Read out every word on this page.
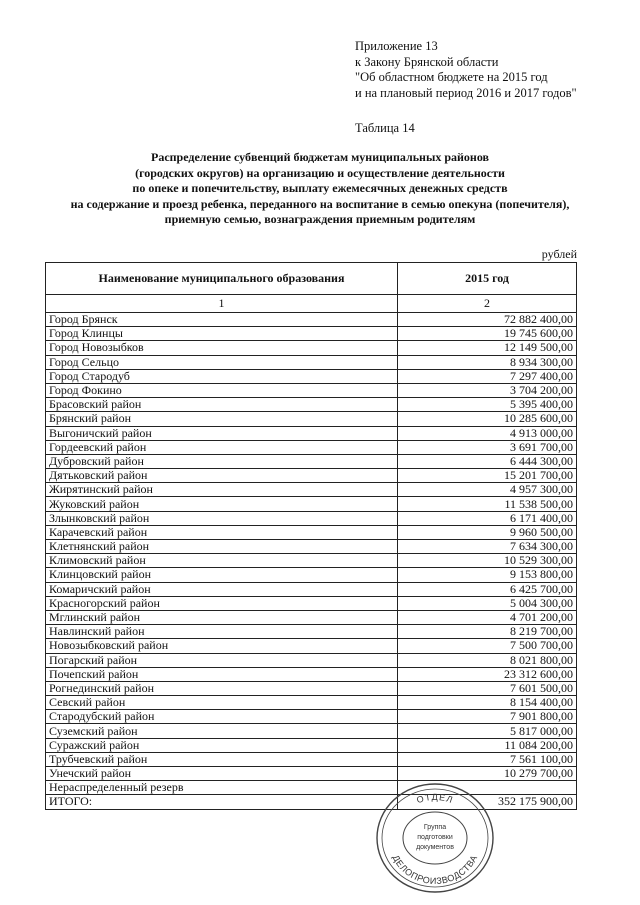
Приложение 13
к Закону Брянской области
"Об областном бюджете на 2015 год
и на плановый период 2016 и 2017 годов"
Таблица 14
Распределение субвенций бюджетам муниципальных районов
(городских округов) на организацию и осуществление деятельности
по опеке и попечительству, выплату ежемесячных денежных средств
на содержание и проезд ребенка, переданного на воспитание в семью опекуна (попечителя),
приемную семью, вознаграждения приемным родителям
рублей
Наименование муниципального образования	2015 год
1	2
Город Брянск	72 882 400,00
Город Клинцы	19 745 600,00
Город Новозыбков	12 149 500,00
Город Сельцо	8 934 300,00
Город Стародуб	7 297 400,00
Город Фокино	3 704 200,00
Брасовский район	5 395 400,00
Брянский район	10 285 600,00
Выгоничский район	4 913 000,00
Гордеевский район	3 691 700,00
Дубровский район	6 444 300,00
Дятьковский район	15 201 700,00
Жирятинский район	4 957 300,00
Жуковский район	11 538 500,00
Злынковский район	6 171 400,00
Карачевский район	9 960 500,00
Клетнянский район	7 634 300,00
Климовский район	10 529 300,00
Клинцовский район	9 153 800,00
Комаричский район	6 425 700,00
Красногорский район	5 004 300,00
Мглинский район	4 701 200,00
Навлинский район	8 219 700,00
Новозыбковский район	7 500 700,00
Погарский район	8 021 800,00
Почепский район	23 312 600,00
Рогнединский район	7 601 500,00
Севский район	8 154 400,00
Стародубский район	7 901 800,00
Суземский район	5 817 000,00
Суражский район	11 084 200,00
Трубчевский район	7 561 100,00
Унечский район	10 279 700,00
Нераспределенный резерв	
ИТОГО:	352 175 900,00
ОТДЕЛ
ДЕЛОПРОИЗВОДСТВА
Группа
подготовки
документов
